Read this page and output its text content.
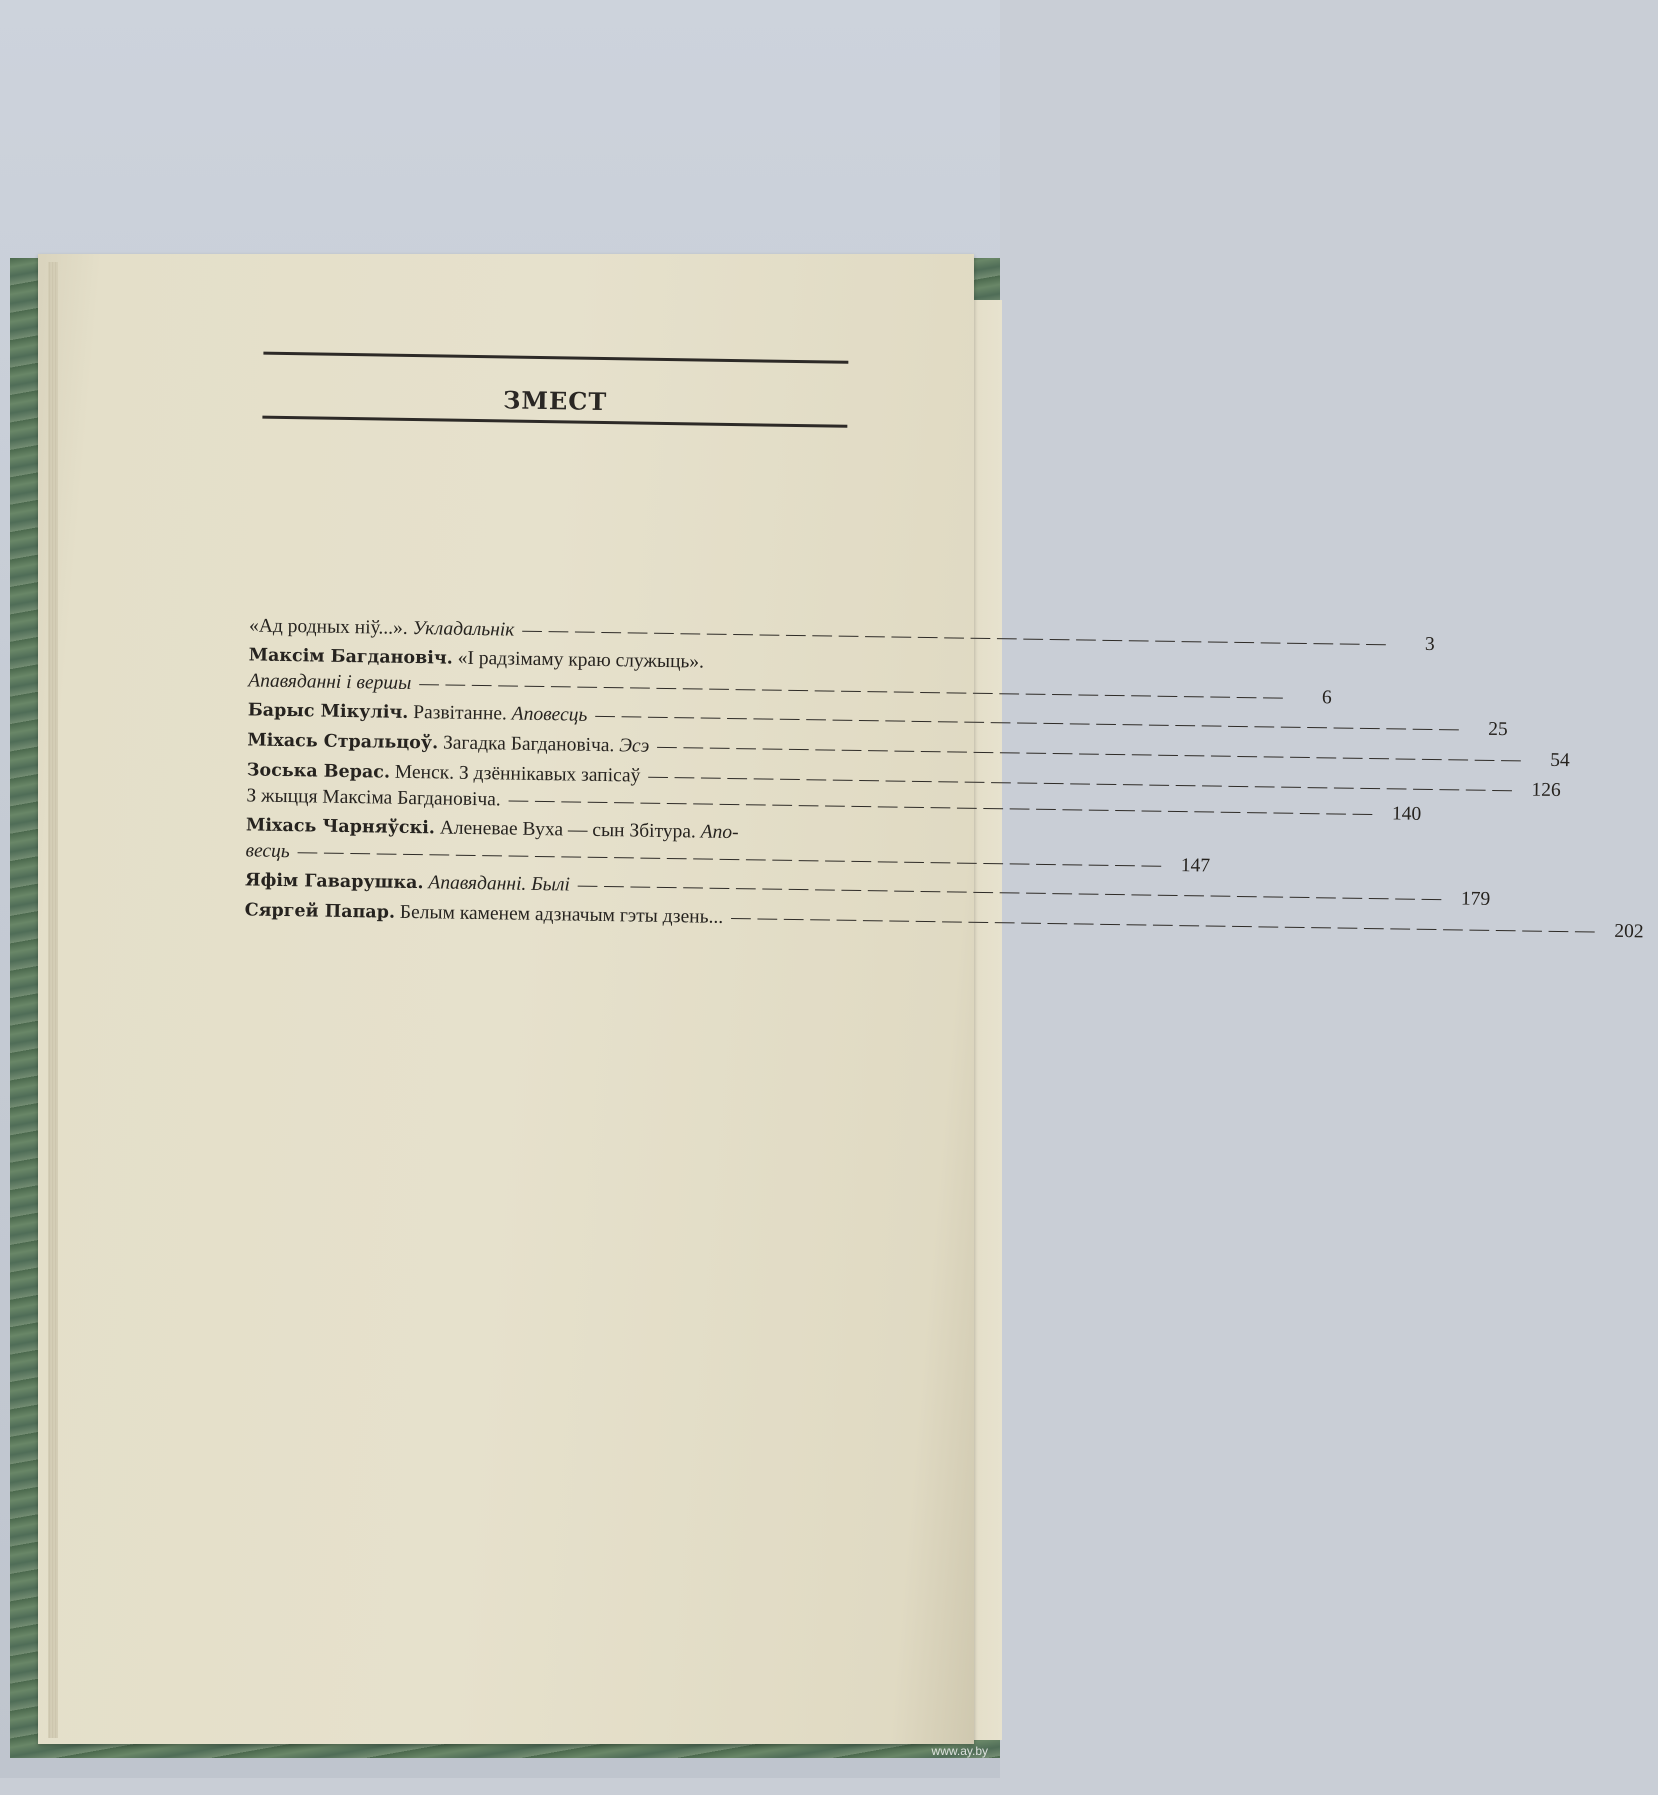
ЗМЕСТ
«Ад родных ніў...». Укладальнік — — — — — — — — — — — — — — — — — — — — — — — — — — — — — — — — —	3
Максім Багдановіч. «І радзімаму краю служыць».
Апавяданні і вершы — — — — — — — — — — — — — — — — — — — — — — — — — — — — — — — — —	6
Барыс Мікуліч. Развітанне. Аповесць — — — — — — — — — — — — — — — — — — — — — — — — — — — — — — — — —	25
Міхась Стральцоў. Загадка Багдановіча. Эсэ — — — — — — — — — — — — — — — — — — — — — — — — — — — — — — — — —	54
Зоська Верас. Менск. З дзённікавых запісаў — — — — — — — — — — — — — — — — — — — — — — — — — — — — — — — — — 126
З жыцця Максіма Багдановіча. — — — — — — — — — — — — — — — — — — — — — — — — — — — — — — — — — 140
Міхась Чарняўскі. Аленевае Вуха — сын Збітура. Апо-
весць — — — — — — — — — — — — — — — — — — — — — — — — — — — — — — — — — 147
Яфім Гаварушка. Апавяданні. Былі — — — — — — — — — — — — — — — — — — — — — — — — — — — — — — — — — 179
Сяргей Папар. Белым каменем адзначым гэты дзень... — — — — — — — — — — — — — — — — — — — — — — — — — — — — — — — — — 202
www.ay.by
